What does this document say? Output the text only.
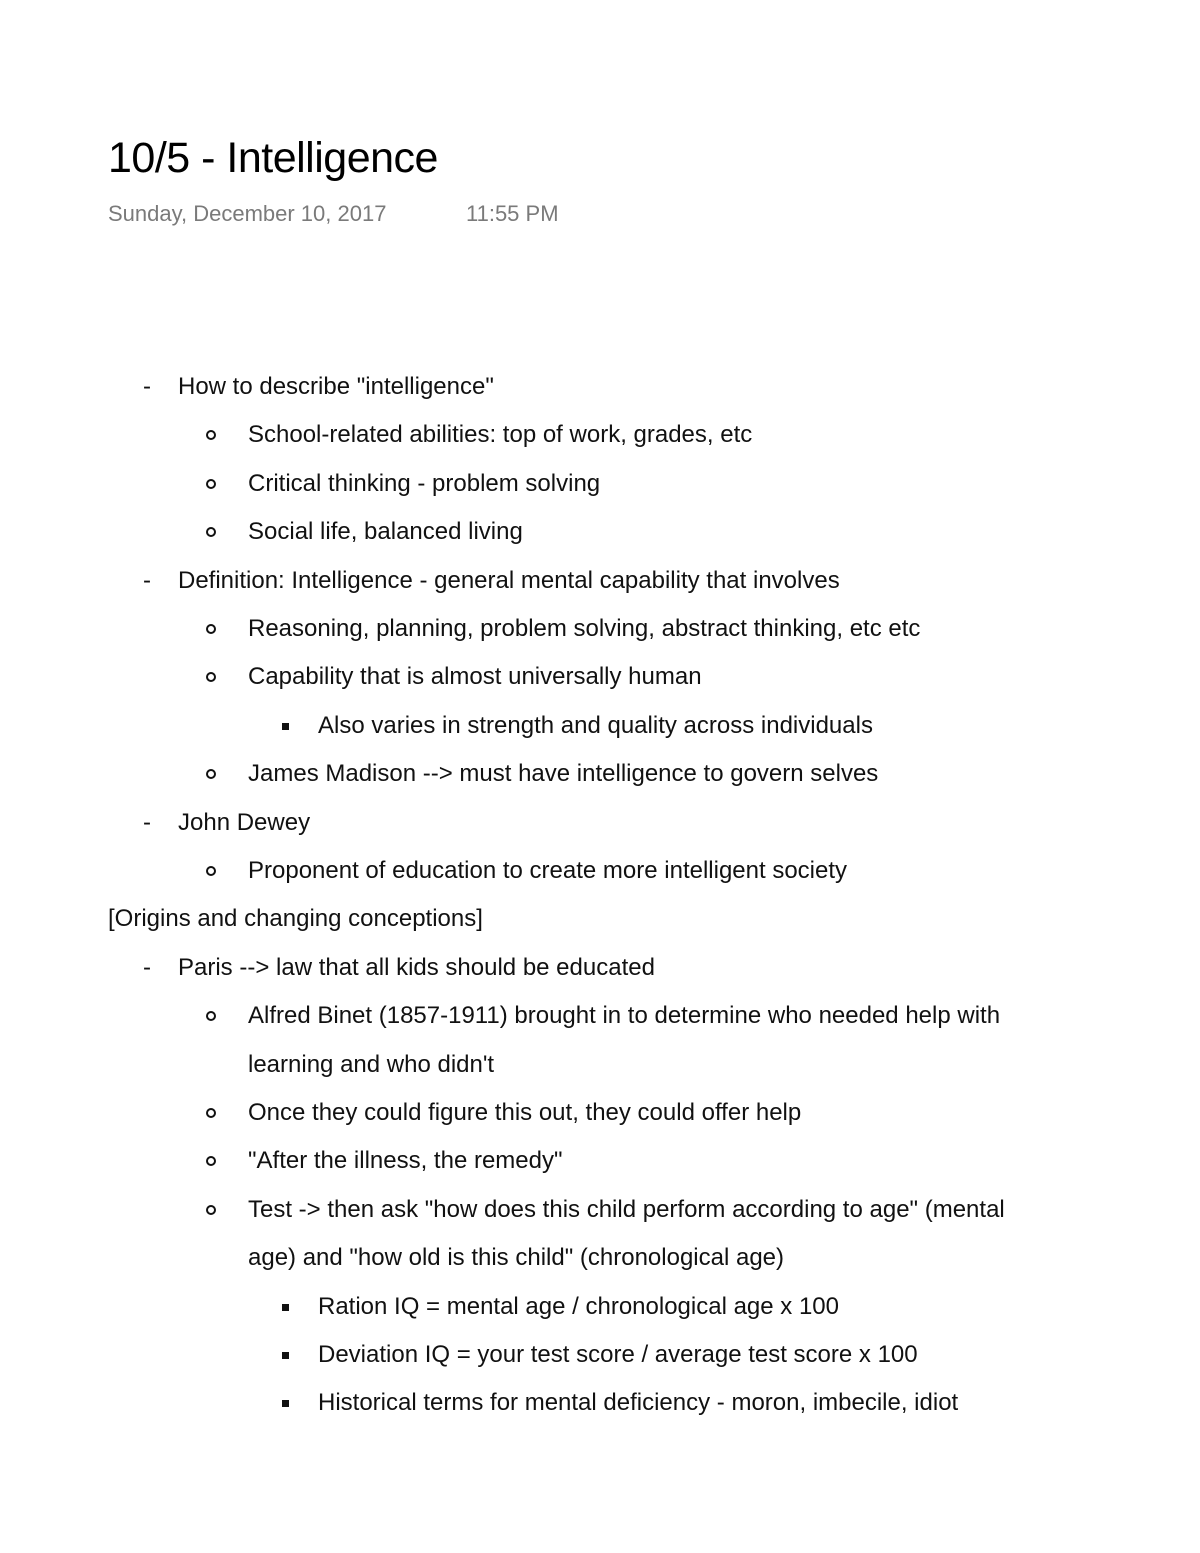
10/5 - Intelligence
Sunday, December 10, 2017	11:55 PM
- How to describe "intelligence"
School-related abilities: top of work, grades, etc
Critical thinking - problem solving
Social life, balanced living
- Definition: Intelligence - general mental capability that involves
Reasoning, planning, problem solving, abstract thinking, etc etc
Capability that is almost universally human
Also varies in strength and quality across individuals
James Madison --> must have intelligence to govern selves
- John Dewey
Proponent of education to create more intelligent society
[Origins and changing conceptions]
- Paris --> law that all kids should be educated
Alfred Binet (1857-1911) brought in to determine who needed help with
learning and who didn't
Once they could figure this out, they could offer help
"After the illness, the remedy"
Test -> then ask "how does this child perform according to age" (mental
age) and "how old is this child" (chronological age)
Ration IQ = mental age / chronological age x 100
Deviation IQ = your test score / average test score x 100
Historical terms for mental deficiency - moron, imbecile, idiot
